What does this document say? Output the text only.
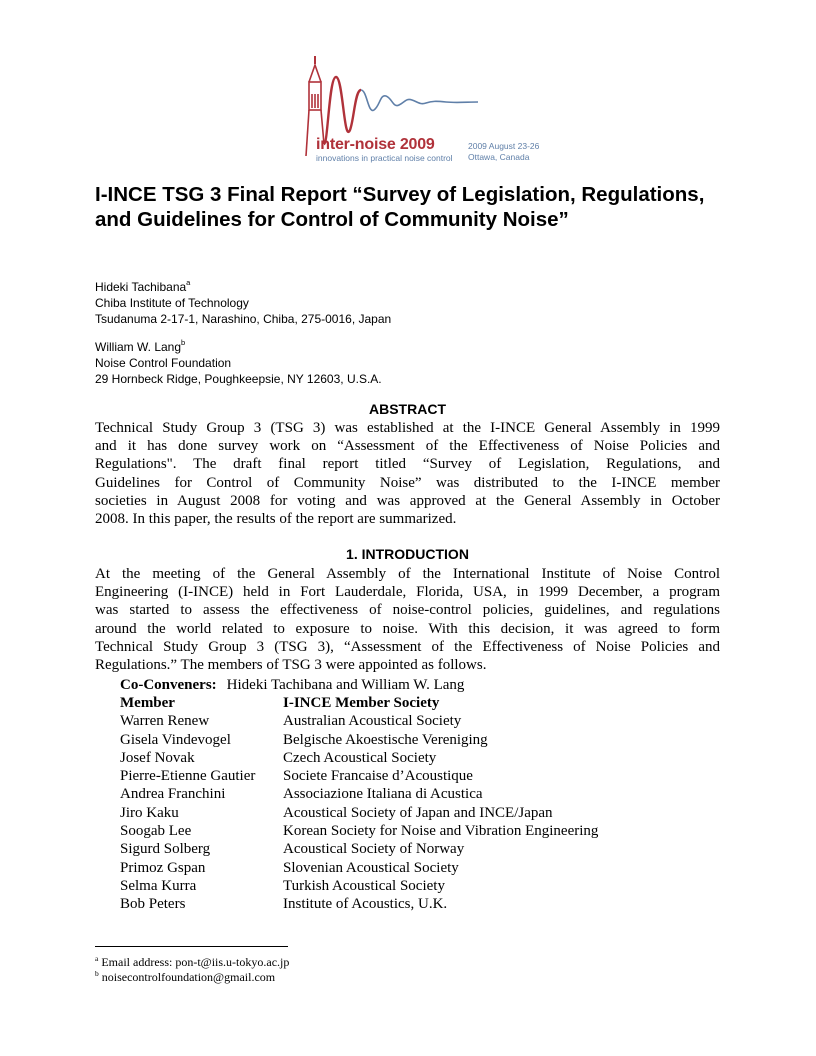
inter-noise 2009
innovations in practical noise control
2009 August 23-26
Ottawa, Canada
I-INCE TSG 3 Final Report “Survey of Legislation, Regulations, and Guidelines for Control of Community Noise”
Hideki Tachibana$^a$
Chiba Institute of Technology
Tsudanuma 2-17-1, Narashino, Chiba, 275-0016, Japan
William W. Lang$^b$
Noise Control Foundation
29 Hornbeck Ridge, Poughkeepsie, NY 12603, U.S.A.
ABSTRACT
Technical Study Group 3 (TSG 3) was established at the I-INCE General Assembly in 1999
and it has done survey work on “Assessment of the Effectiveness of Noise Policies and
Regulations". The draft final report titled “Survey of Legislation, Regulations, and
Guidelines for Control of Community Noise” was distributed to the I-INCE member
societies in August 2008 for voting and was approved at the General Assembly in October
2008. In this paper, the results of the report are summarized.
1. INTRODUCTION
At the meeting of the General Assembly of the International Institute of Noise Control
Engineering (I-INCE) held in Fort Lauderdale, Florida, USA, in 1999 December, a program
was started to assess the effectiveness of noise-control policies, guidelines, and regulations
around the world related to exposure to noise. With this decision, it was agreed to form
Technical Study Group 3 (TSG 3), “Assessment of the Effectiveness of Noise Policies and
Regulations.” The members of TSG 3 were appointed as follows.
Co-Conveners: Hideki Tachibana and William W. Lang
Member	I-INCE Member Society
Warren Renew	Australian Acoustical Society
Gisela Vindevogel	Belgische Akoestische Vereniging
Josef Novak	Czech Acoustical Society
Pierre-Etienne Gautier	Societe Francaise d’Acoustique
Andrea Franchini	Associazione Italiana di Acustica
Jiro Kaku	Acoustical Society of Japan and INCE/Japan
Soogab Lee	Korean Society for Noise and Vibration Engineering
Sigurd Solberg	Acoustical Society of Norway
Primoz Gspan	Slovenian Acoustical Society
Selma Kurra	Turkish Acoustical Society
Bob Peters	Institute of Acoustics, U.K.
$^a$ Email address: pon-t@iis.u-tokyo.ac.jp
$^b$ noisecontrolfoundation@gmail.com
